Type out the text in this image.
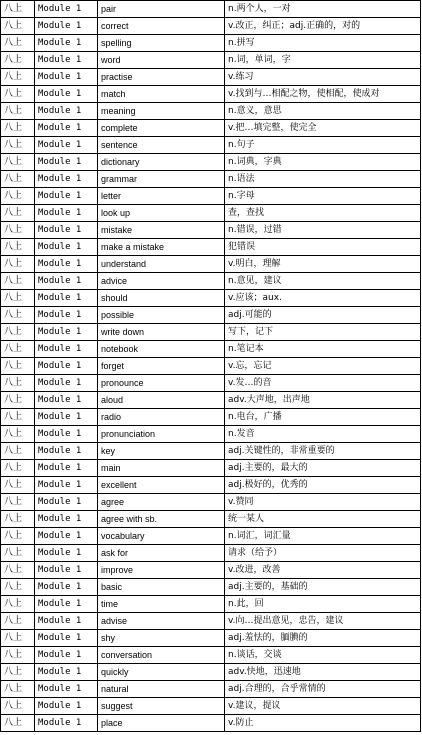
八上	Module 1	pair	n.两个人，一对
八上	Module 1	correct	v.改正，纠正；adj.正确的，对的
八上	Module 1	spelling	n.拼写
八上	Module 1	word	n.词，单词，字
八上	Module 1	practise	v.练习
八上	Module 1	match	v.找到与…相配之物，使相配，使成对
八上	Module 1	meaning	n.意义，意思
八上	Module 1	complete	v.把…填完整，使完全
八上	Module 1	sentence	n.句子
八上	Module 1	dictionary	n.词典，字典
八上	Module 1	grammar	n.语法
八上	Module 1	letter	n.字母
八上	Module 1	look up	查，查找
八上	Module 1	mistake	n.错误，过错
八上	Module 1	make a mistake	犯错误
八上	Module 1	understand	v.明白，理解
八上	Module 1	advice	n.意见，建议
八上	Module 1	should	v.应该；aux.
八上	Module 1	possible	adj.可能的
八上	Module 1	write down	写下，记下
八上	Module 1	notebook	n.笔记本
八上	Module 1	forget	v.忘，忘记
八上	Module 1	pronounce	v.发…的音
八上	Module 1	aloud	adv.大声地，出声地
八上	Module 1	radio	n.电台，广播
八上	Module 1	pronunciation	n.发音
八上	Module 1	key	adj.关键性的，非常重要的
八上	Module 1	main	adj.主要的，最大的
八上	Module 1	excellent	adj.极好的，优秀的
八上	Module 1	agree	v.赞同
八上	Module 1	agree with sb.	统一某人
八上	Module 1	vocabulary	n.词汇，词汇量
八上	Module 1	ask for	请求（给予）
八上	Module 1	improve	v.改进，改善
八上	Module 1	basic	adj.主要的，基础的
八上	Module 1	time	n.此，回
八上	Module 1	advise	v.向…提出意见，忠告，建议
八上	Module 1	shy	adj.羞怯的，腼腆的
八上	Module 1	conversation	n.谈话，交谈
八上	Module 1	quickly	adv.快地，迅速地
八上	Module 1	natural	adj.合理的，合乎常情的
八上	Module 1	suggest	v.建议，提议
八上	Module 1	place	v.防止
